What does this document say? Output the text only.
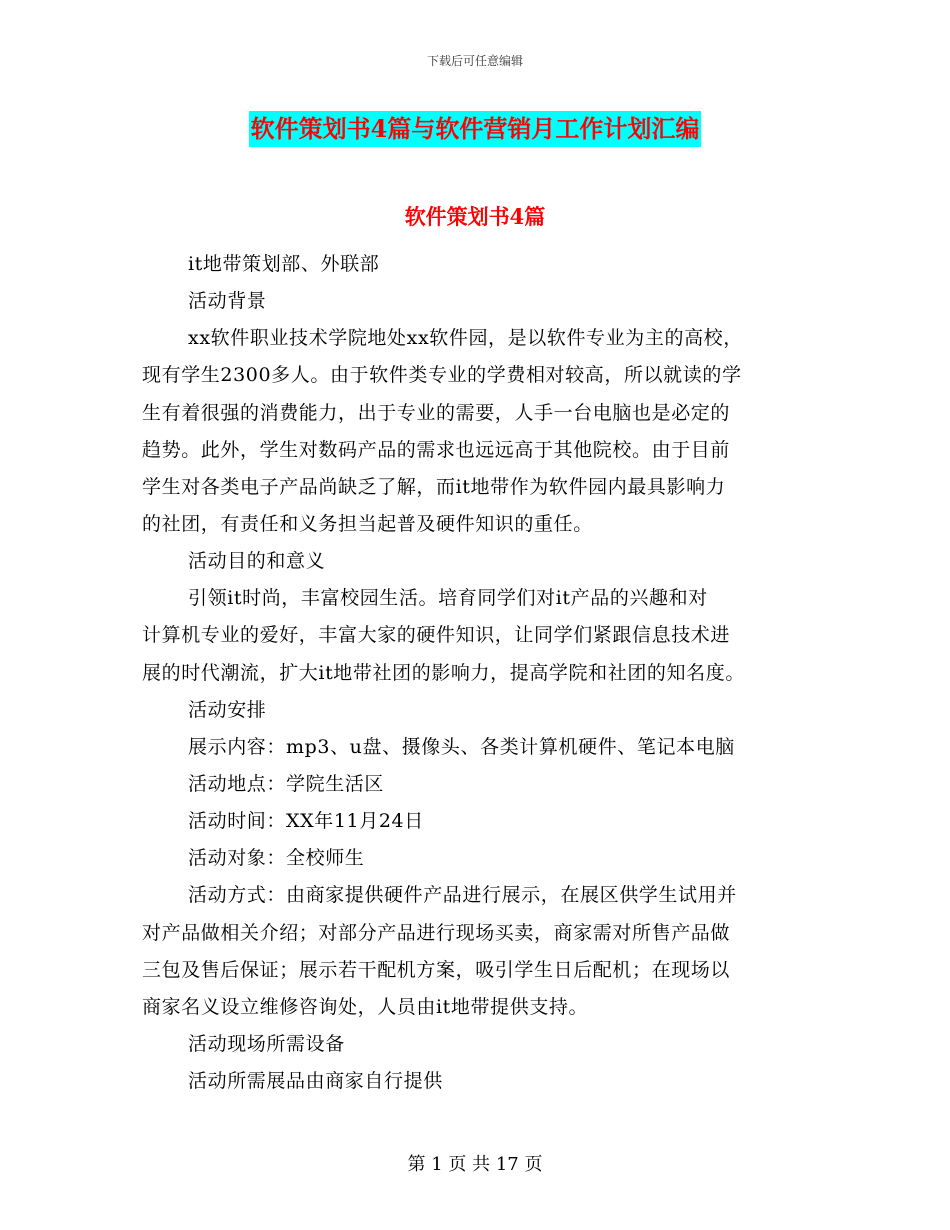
下载后可任意编辑
软件策划书4篇与软件营销月工作计划汇编
软件策划书4篇
it地带策划部、外联部
活动背景
xx软件职业技术学院地处xx软件园，是以软件专业为主的高校，
现有学生2300多人。由于软件类专业的学费相对较高，所以就读的学
生有着很强的消费能力，出于专业的需要，人手一台电脑也是必定的
趋势。此外，学生对数码产品的需求也远远高于其他院校。由于目前
学生对各类电子产品尚缺乏了解，而it地带作为软件园内最具影响力
的社团，有责任和义务担当起普及硬件知识的重任。
活动目的和意义
引领it时尚，丰富校园生活。培育同学们对it产品的兴趣和对
计算机专业的爱好，丰富大家的硬件知识，让同学们紧跟信息技术进
展的时代潮流，扩大it地带社团的影响力，提高学院和社团的知名度。
活动安排
展示内容：mp3、u盘、摄像头、各类计算机硬件、笔记本电脑
活动地点：学院生活区
活动时间：XX年11月24日
活动对象：全校师生
活动方式：由商家提供硬件产品进行展示，在展区供学生试用并
对产品做相关介绍；对部分产品进行现场买卖，商家需对所售产品做
三包及售后保证；展示若干配机方案，吸引学生日后配机；在现场以
商家名义设立维修咨询处，人员由it地带提供支持。
活动现场所需设备
活动所需展品由商家自行提供
第 1 页 共 17 页
